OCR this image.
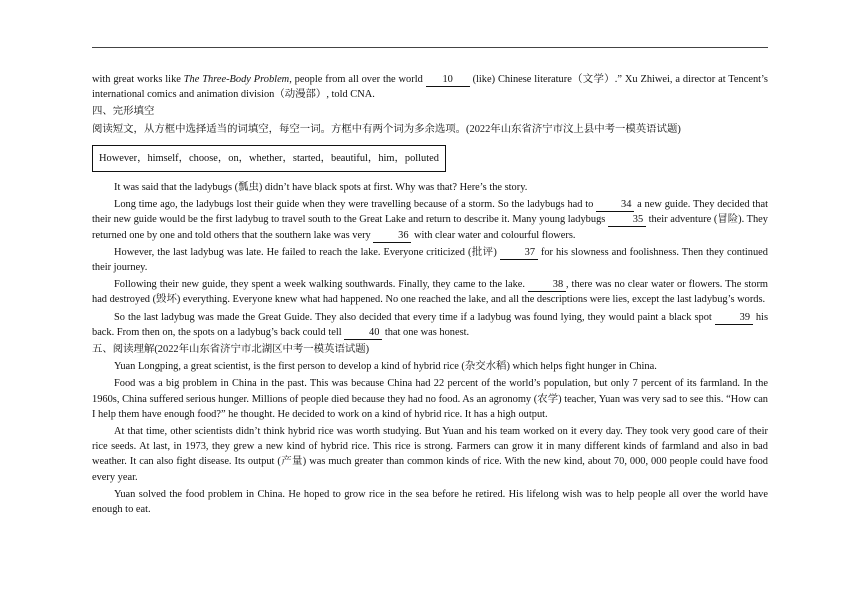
with great works like The Three-Body Problem, people from all over the world 10 (like) Chinese literature（文学）.” Xu Zhiwei, a director at Tencent’s international comics and animation division（动漫部）, told CNA.

四、完形填空

阅读短文，从方框中选择适当的词填空，每空一词。方框中有两个词为多余选项。(2022年山东省济宁市汶上县中考一模英语试题)

However，himself，choose，on，whether，started，beautiful，him，polluted

It was said that the ladybugs (瓢虫) didn’t have black spots at first. Why was that? Here’s the story.

Long time ago, the ladybugs lost their guide when they were travelling because of a storm. So the ladybugs had to	34 a new guide. They decided that their new guide would be the first ladybug to travel south to the Great Lake and return to describe it. Many young ladybugs	35 their adventure (冒险). They returned one by one and told others that the southern lake was very	36 with clear water and colourful flowers.

However, the last ladybug was late. He failed to reach the lake. Everyone criticized (批评)	37 for his slowness and foolishness. Then they continued their journey.

Following their new guide, they spent a week walking southwards. Finally, they came to the lake.	38 , there was no clear water or flowers. The storm had destroyed (毁坏) everything. Everyone knew what had happened. No one reached the lake, and all the descriptions were lies, except the last ladybug’s words.

So the last ladybug was made the Great Guide. They also decided that every time if a ladybug was found lying, they would paint a black spot	39 his back. From then on, the spots on a ladybug’s back could tell	40 that one was honest.

五、阅读理解(2022年山东省济宁市北湖区中考一模英语试题)

Yuan Longping, a great scientist, is the first person to develop a kind of hybrid rice (杂交水稻) which helps fight hunger in China.

Food was a big problem in China in the past. This was because China had 22 percent of the world’s population, but only 7 percent of its farmland. In the 1960s, China suffered serious hunger. Millions of people died because they had no food. As an agronomy (农学) teacher, Yuan was very sad to see this. “How can I help them have enough food?” he thought. He decided to work on a kind of hybrid rice. It has a high output.

At that time, other scientists didn’t think hybrid rice was worth studying. But Yuan and his team worked on it every day. They took very good care of their rice seeds. At last, in 1973, they grew a new kind of hybrid rice. This rice is strong. Farmers can grow it in many different kinds of farmland and also in bad weather. It can also fight disease. Its output (产量) was much greater than common kinds of rice. With the new kind, about 70, 000, 000 people could have food every year.

Yuan solved the food problem in China. He hoped to grow rice in the sea before he retired. His lifelong wish was to help people all over the world have enough to eat.
